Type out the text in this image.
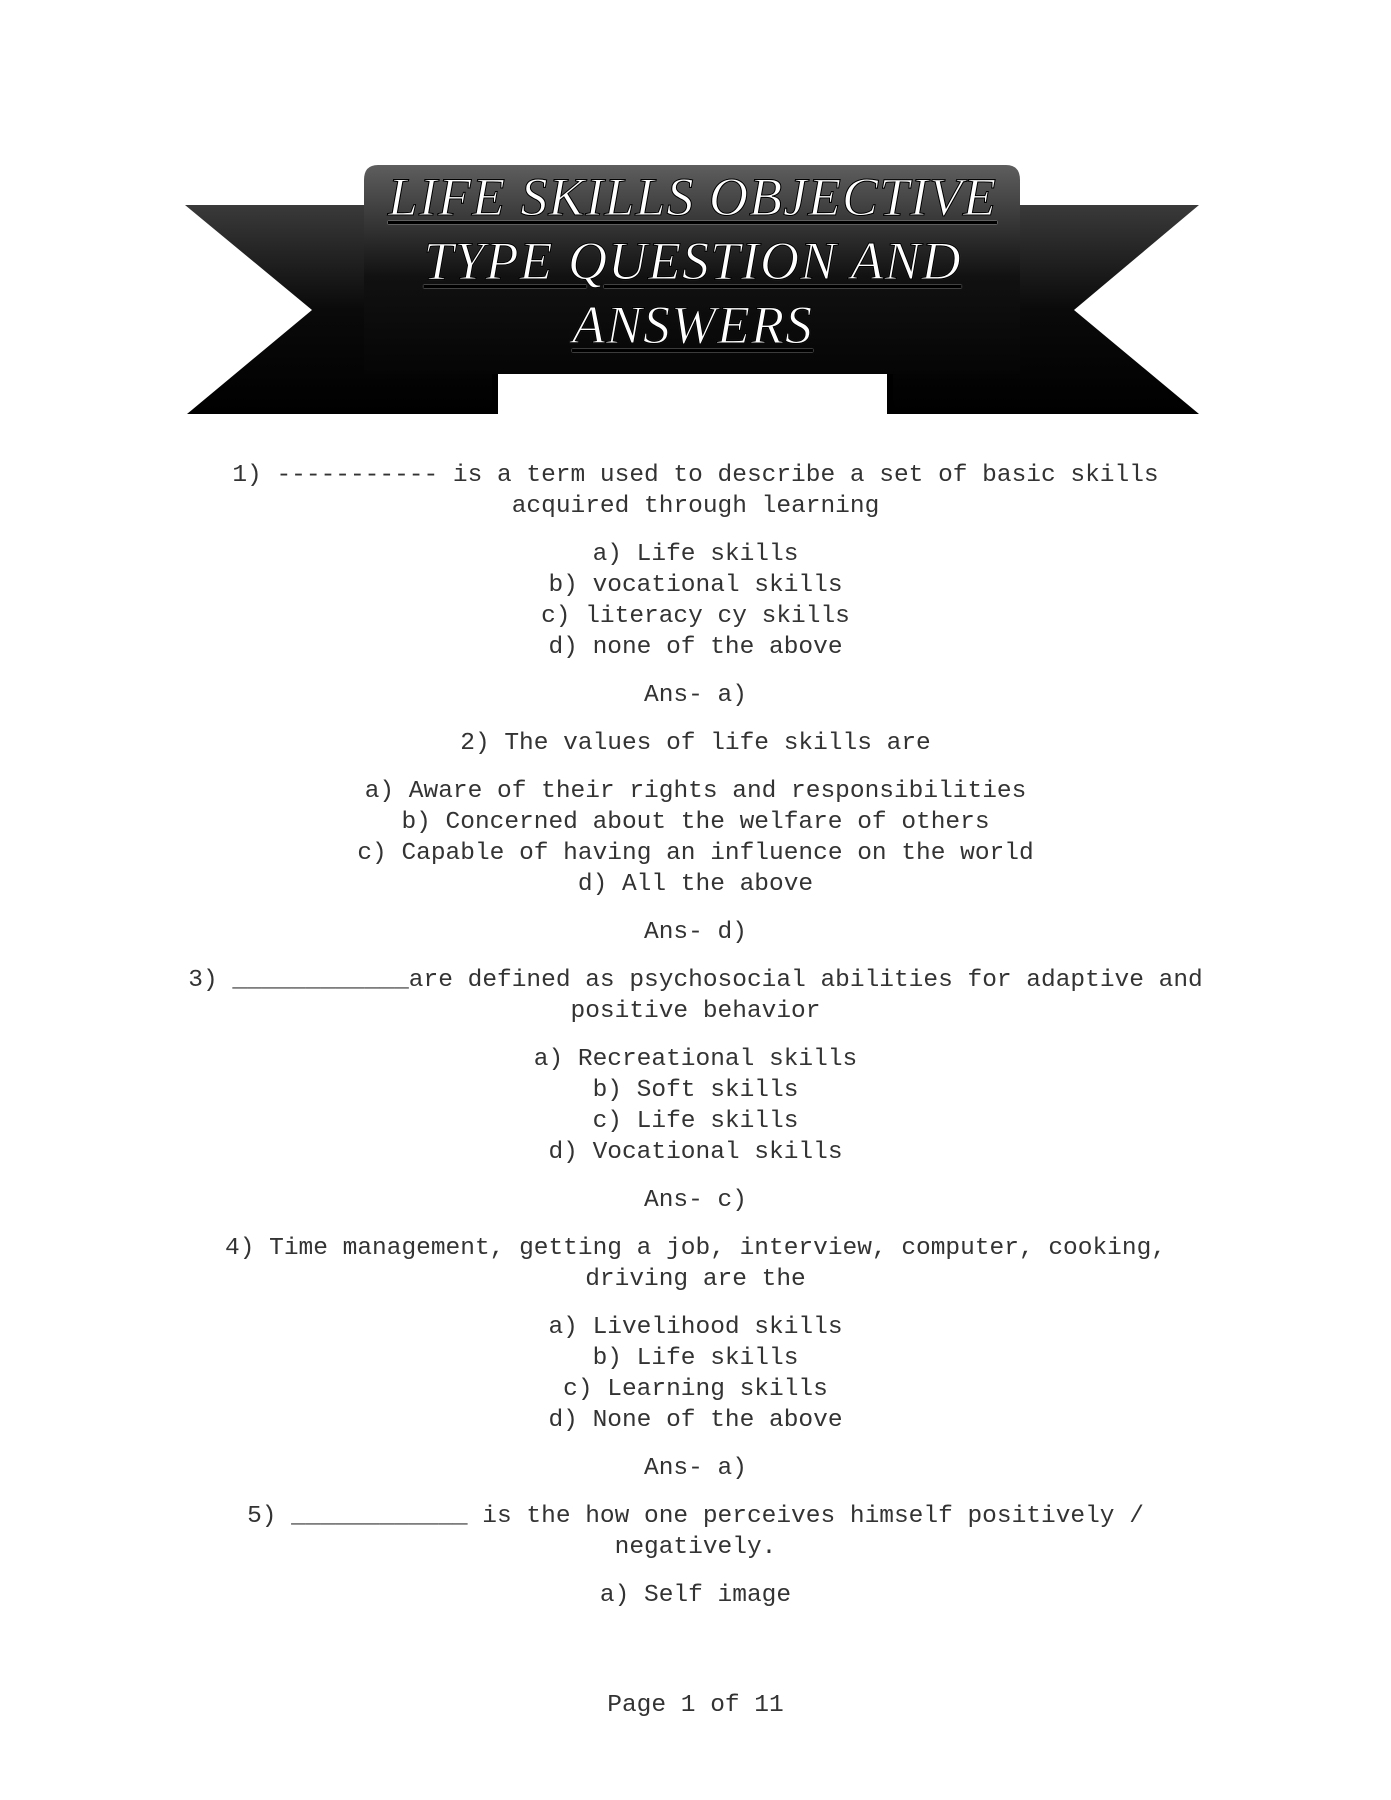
LIFE SKILLS OBJECTIVE
TYPE QUESTION AND
ANSWERS
1) ----------- is a term used to describe a set of basic skills acquired through learning
a) Life skills
b) vocational skills
c) literacy cy skills
d) none of the above
Ans- a)
2) The values of life skills are
a) Aware of their rights and responsibilities
b) Concerned about the welfare of others
c) Capable of having an influence on the world
d) All the above
Ans- d)
3) ____________are defined as psychosocial abilities for adaptive and positive behavior
a) Recreational skills
b) Soft skills
c) Life skills
d) Vocational skills
Ans- c)
4) Time management, getting a job, interview, computer, cooking, driving are the
a) Livelihood skills
b) Life skills
c) Learning skills
d) None of the above
Ans- a)
5) ____________ is the how one perceives himself positively / negatively.
a) Self image
Page 1 of 11
